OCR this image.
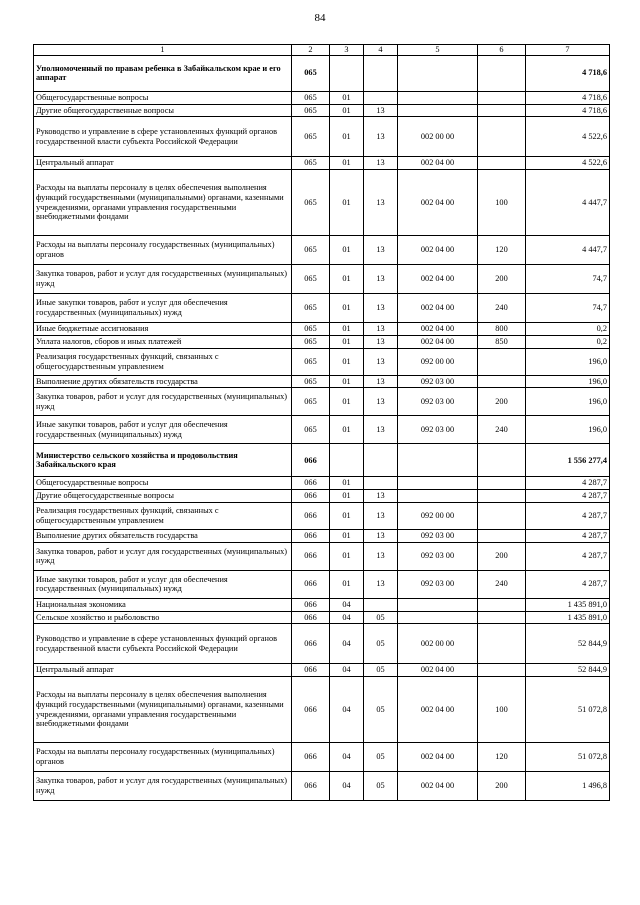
84
1	2	3	4	5	6	7
Уполномоченный по правам ребенка в Забайкальском крае и его аппарат	065					4 718,6
Общегосударственные вопросы	065	01				4 718,6
Другие общегосударственные вопросы	065	01	13			4 718,6
Руководство и управление в сфере установленных функций органов государственной власти субъекта Российской Федерации	065	01	13	002 00 00		4 522,6
Центральный аппарат	065	01	13	002 04 00		4 522,6
Расходы на выплаты персоналу в целях обеспечения выполнения функций государственными (муниципальными) органами, казенными учреждениями, органами управления государственными внебюджетными фондами	065	01	13	002 04 00	100	4 447,7
Расходы на выплаты персоналу государственных (муниципальных) органов	065	01	13	002 04 00	120	4 447,7
Закупка товаров, работ и услуг для государственных (муниципальных) нужд	065	01	13	002 04 00	200	74,7
Иные закупки товаров, работ и услуг для обеспечения государственных (муниципальных) нужд	065	01	13	002 04 00	240	74,7
Иные бюджетные ассигнования	065	01	13	002 04 00	800	0,2
Уплата налогов, сборов и иных платежей	065	01	13	002 04 00	850	0,2
Реализация государственных функций, связанных с общегосударственным управлением	065	01	13	092 00 00		196,0
Выполнение других обязательств государства	065	01	13	092 03 00		196,0
Закупка товаров, работ и услуг для государственных (муниципальных) нужд	065	01	13	092 03 00	200	196,0
Иные закупки товаров, работ и услуг для обеспечения государственных (муниципальных) нужд	065	01	13	092 03 00	240	196,0
Министерство сельского хозяйства и продовольствия Забайкальского края	066					1 556 277,4
Общегосударственные вопросы	066	01				4 287,7
Другие общегосударственные вопросы	066	01	13			4 287,7
Реализация государственных функций, связанных с общегосударственным управлением	066	01	13	092 00 00		4 287,7
Выполнение других обязательств государства	066	01	13	092 03 00		4 287,7
Закупка товаров, работ и услуг для государственных (муниципальных) нужд	066	01	13	092 03 00	200	4 287,7
Иные закупки товаров, работ и услуг для обеспечения государственных (муниципальных) нужд	066	01	13	092 03 00	240	4 287,7
Национальная экономика	066	04				1 435 891,0
Сельское хозяйство и рыболовство	066	04	05			1 435 891,0
Руководство и управление в сфере установленных функций органов государственной власти субъекта Российской Федерации	066	04	05	002 00 00		52 844,9
Центральный аппарат	066	04	05	002 04 00		52 844,9
Расходы на выплаты персоналу в целях обеспечения выполнения функций государственными (муниципальными) органами, казенными учреждениями, органами управления государственными внебюджетными фондами	066	04	05	002 04 00	100	51 072,8
Расходы на выплаты персоналу государственных (муниципальных) органов	066	04	05	002 04 00	120	51 072,8
Закупка товаров, работ и услуг для государственных (муниципальных) нужд	066	04	05	002 04 00	200	1 496,8
